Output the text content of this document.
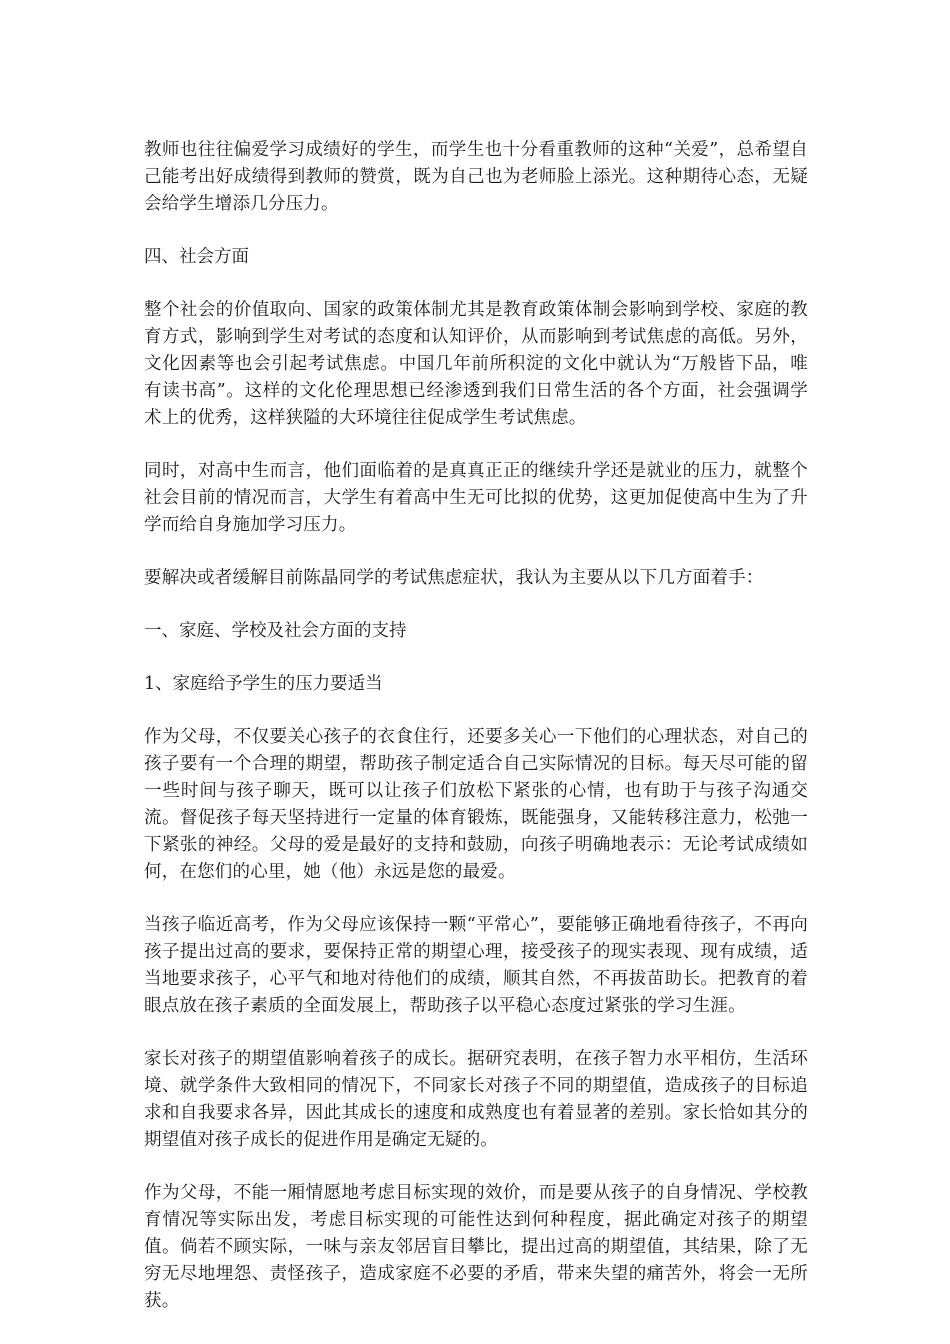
教师也往往偏爱学习成绩好的学生，而学生也十分看重教师的这种“关爱”，总希望自己能考出好成绩得到教师的赞赏，既为自己也为老师脸上添光。这种期待心态，无疑会给学生增添几分压力。

四、社会方面

整个社会的价值取向、国家的政策体制尤其是教育政策体制会影响到学校、家庭的教育方式，影响到学生对考试的态度和认知评价，从而影响到考试焦虑的高低。另外，文化因素等也会引起考试焦虑。中国几年前所积淀的文化中就认为“万般皆下品，唯有读书高”。这样的文化伦理思想已经渗透到我们日常生活的各个方面，社会强调学术上的优秀，这样狭隘的大环境往往促成学生考试焦虑。

同时，对高中生而言，他们面临着的是真真正正的继续升学还是就业的压力，就整个社会目前的情况而言，大学生有着高中生无可比拟的优势，这更加促使高中生为了升学而给自身施加学习压力。

要解决或者缓解目前陈晶同学的考试焦虑症状，我认为主要从以下几方面着手：

一、家庭、学校及社会方面的支持
1、家庭给予学生的压力要适当

作为父母，不仅要关心孩子的衣食住行，还要多关心一下他们的心理状态，对自己的孩子要有一个合理的期望，帮助孩子制定适合自己实际情况的目标。每天尽可能的留一些时间与孩子聊天，既可以让孩子们放松下紧张的心情，也有助于与孩子沟通交流。督促孩子每天坚持进行一定量的体育锻炼，既能强身，又能转移注意力，松弛一下紧张的神经。父母的爱是最好的支持和鼓励，向孩子明确地表示：无论考试成绩如何，在您们的心里，她（他）永远是您的最爱。

当孩子临近高考，作为父母应该保持一颗“平常心”，要能够正确地看待孩子，不再向孩子提出过高的要求，要保持正常的期望心理，接受孩子的现实表现、现有成绩，适当地要求孩子，心平气和地对待他们的成绩，顺其自然，不再拔苗助长。把教育的着眼点放在孩子素质的全面发展上，帮助孩子以平稳心态度过紧张的学习生涯。

家长对孩子的期望值影响着孩子的成长。据研究表明，在孩子智力水平相仿，生活环境、就学条件大致相同的情况下，不同家长对孩子不同的期望值，造成孩子的目标追求和自我要求各异，因此其成长的速度和成熟度也有着显著的差别。家长恰如其分的期望值对孩子成长的促进作用是确定无疑的。

作为父母，不能一厢情愿地考虑目标实现的效价，而是要从孩子的自身情况、学校教育情况等实际出发，考虑目标实现的可能性达到何种程度，据此确定对孩子的期望值。倘若不顾实际，一味与亲友邻居盲目攀比，提出过高的期望值，其结果，除了无穷无尽地埋怨、责怪孩子，造成家庭不必要的矛盾，带来失望的痛苦外，将会一无所获。
